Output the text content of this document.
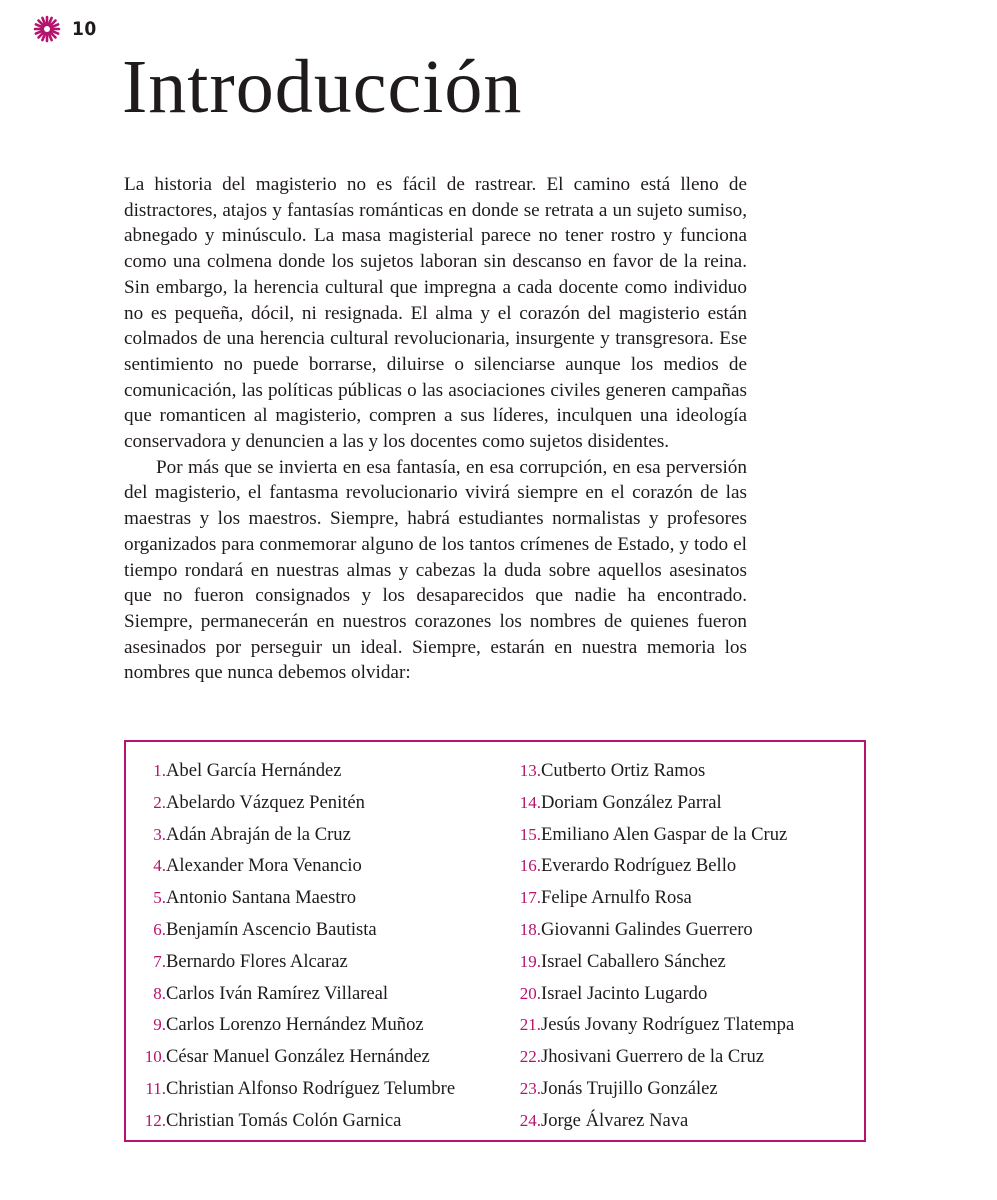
10
Introducción

La historia del magisterio no es fácil de rastrear. El camino está lleno de distractores, atajos y fantasías románticas en donde se retrata a un sujeto sumiso, abnegado y minúsculo. La masa magisterial parece no tener rostro y funciona como una colmena donde los sujetos laboran sin descanso en favor de la reina. Sin embargo, la herencia cultural que impregna a cada docente como individuo no es pequeña, dócil, ni resignada. El alma y el corazón del magisterio están colmados de una herencia cultural revolucionaria, insurgente y transgresora. Ese sentimiento no puede borrarse, diluirse o silenciarse aunque los medios de comunicación, las políticas públicas o las asociaciones civiles generen campañas que romanticen al magisterio, compren a sus líderes, inculquen una ideología conservadora y denuncien a las y los docentes como sujetos disidentes.

Por más que se invierta en esa fantasía, en esa corrupción, en esa perversión del magisterio, el fantasma revolucionario vivirá siempre en el corazón de las maestras y los maestros. Siempre, habrá estudiantes normalistas y profesores organizados para conmemorar alguno de los tantos crímenes de Estado, y todo el tiempo rondará en nuestras almas y cabezas la duda sobre aquellos asesinatos que no fueron consignados y los desaparecidos que nadie ha encontrado. Siempre, permanecerán en nuestros corazones los nombres de quienes fueron asesinados por perseguir un ideal. Siempre, estarán en nuestra memoria los nombres que nunca debemos olvidar:

1. Abel García Hernández
2. Abelardo Vázquez Penitén
3. Adán Abraján de la Cruz
4. Alexander Mora Venancio
5. Antonio Santana Maestro
6. Benjamín Ascencio Bautista
7. Bernardo Flores Alcaraz
8. Carlos Iván Ramírez Villareal
9. Carlos Lorenzo Hernández Muñoz
10. César Manuel González Hernández
11. Christian Alfonso Rodríguez Telumbre
12. Christian Tomás Colón Garnica
13. Cutberto Ortiz Ramos
14. Doriam González Parral
15. Emiliano Alen Gaspar de la Cruz
16. Everardo Rodríguez Bello
17. Felipe Arnulfo Rosa
18. Giovanni Galindes Guerrero
19. Israel Caballero Sánchez
20. Israel Jacinto Lugardo
21. Jesús Jovany Rodríguez Tlatempa
22. Jhosivani Guerrero de la Cruz
23. Jonás Trujillo González
24. Jorge Álvarez Nava
